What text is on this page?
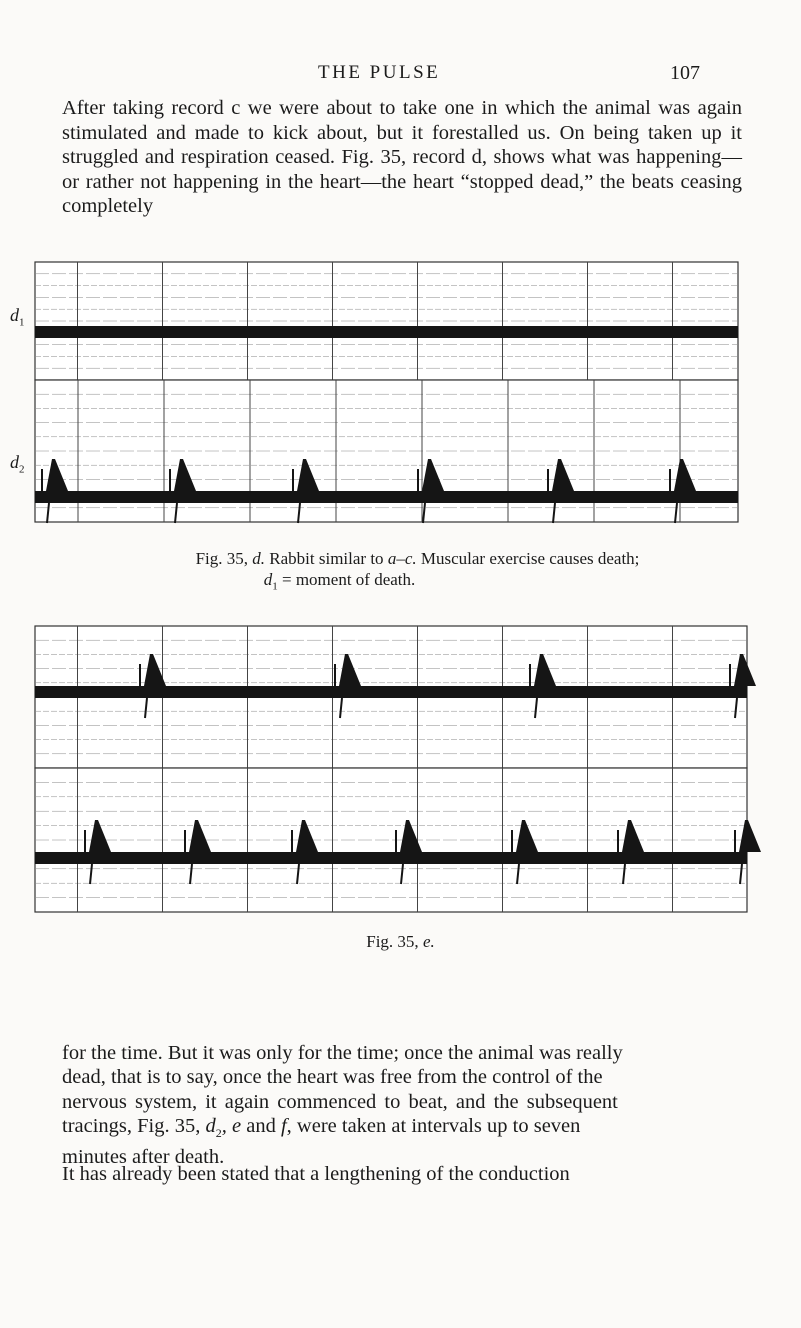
THE PULSE	107

After taking record c we were about to take one in which the animal was again stimulated and made to kick about, but it forestalled us. On being taken up it struggled and respiration ceased. Fig. 35, record d, shows what was happening—or rather not happening in the heart—the heart “stopped dead,” the beats ceasing completely

$d_1$
$d_2$
Fig. 35, d. Rabbit similar to a–c. Muscular exercise causes death;
$d_1$ = moment of death.
Fig. 35, e.
for the time. But it was only for the time; once the animal was really
dead, that is to say, once the heart was free from the control of the
nervous system, it again commenced to beat, and the subsequent
tracings, Fig. 35, $d_2$, e and f, were taken at intervals up to seven
minutes after death.

It has already been stated that a lengthening of the conduction
